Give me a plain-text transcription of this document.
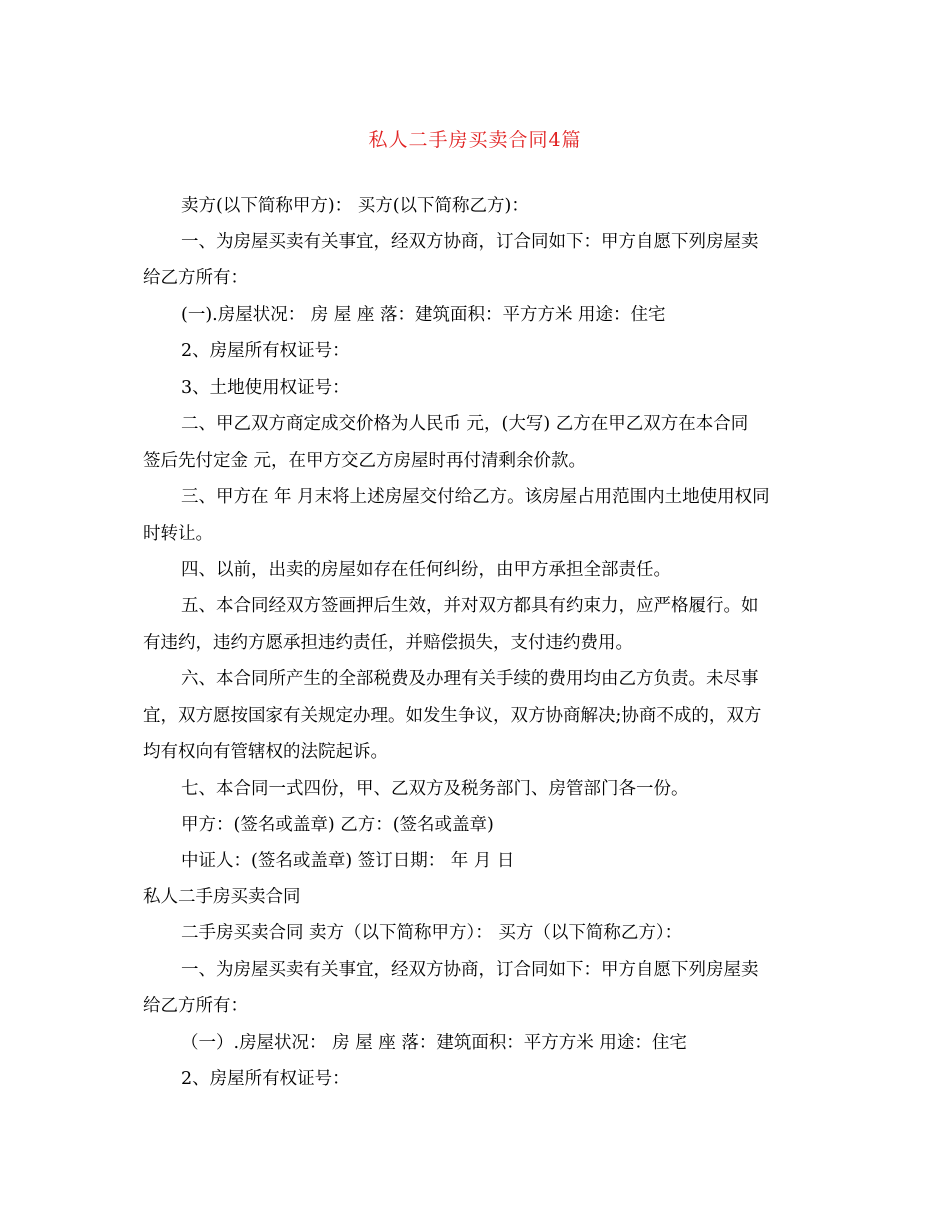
私人二手房买卖合同4篇
卖方(以下简称甲方)： 买方(以下简称乙方)：
一、为房屋买卖有关事宜，经双方协商，订合同如下：甲方自愿下列房屋卖
给乙方所有：
(一).房屋状况： 房 屋 座 落：建筑面积：平方方米 用途：住宅
2、房屋所有权证号：
3、土地使用权证号：
二、甲乙双方商定成交价格为人民币 元，(大写) 乙方在甲乙双方在本合同
签后先付定金 元，在甲方交乙方房屋时再付清剩余价款。
三、甲方在 年 月末将上述房屋交付给乙方。该房屋占用范围内土地使用权同
时转让。
四、以前，出卖的房屋如存在任何纠纷，由甲方承担全部责任。
五、本合同经双方签画押后生效，并对双方都具有约束力，应严格履行。如
有违约，违约方愿承担违约责任，并赔偿损失，支付违约费用。
六、本合同所产生的全部税费及办理有关手续的费用均由乙方负责。未尽事
宜，双方愿按国家有关规定办理。如发生争议，双方协商解决;协商不成的，双方
均有权向有管辖权的法院起诉。
七、本合同一式四份，甲、乙双方及税务部门、房管部门各一份。
甲方：(签名或盖章) 乙方：(签名或盖章)
中证人：(签名或盖章) 签订日期： 年 月 日
私人二手房买卖合同
二手房买卖合同 卖方（以下简称甲方）： 买方（以下简称乙方）：
一、为房屋买卖有关事宜，经双方协商，订合同如下：甲方自愿下列房屋卖
给乙方所有：
（一）.房屋状况： 房 屋 座 落：建筑面积：平方方米 用途：住宅
2、房屋所有权证号：
